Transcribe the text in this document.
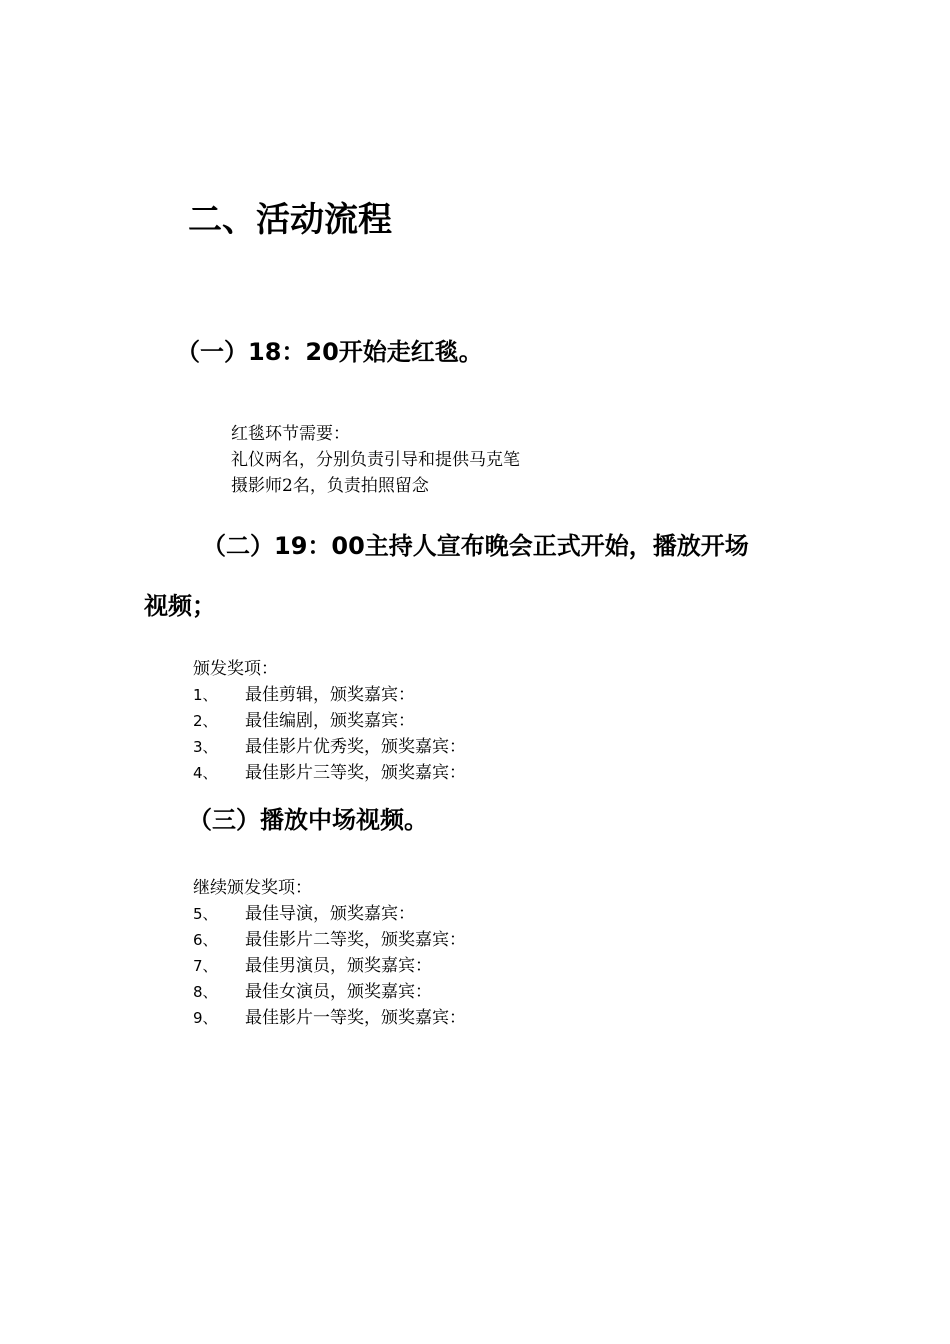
二、活动流程
（一）18：20开始走红毯。
红毯环节需要：
礼仪两名，分别负责引导和提供马克笔
摄影师2名，负责拍照留念
（二）19：00主持人宣布晚会正式开始，播放开场
视频；
颁发奖项：
1、	最佳剪辑，颁奖嘉宾：
2、	最佳编剧，颁奖嘉宾：
3、	最佳影片优秀奖，颁奖嘉宾：
4、	最佳影片三等奖，颁奖嘉宾：
（三）播放中场视频。
继续颁发奖项：
5、	最佳导演，颁奖嘉宾：
6、	最佳影片二等奖，颁奖嘉宾：
7、	最佳男演员，颁奖嘉宾：
8、	最佳女演员，颁奖嘉宾：
9、	最佳影片一等奖，颁奖嘉宾：
